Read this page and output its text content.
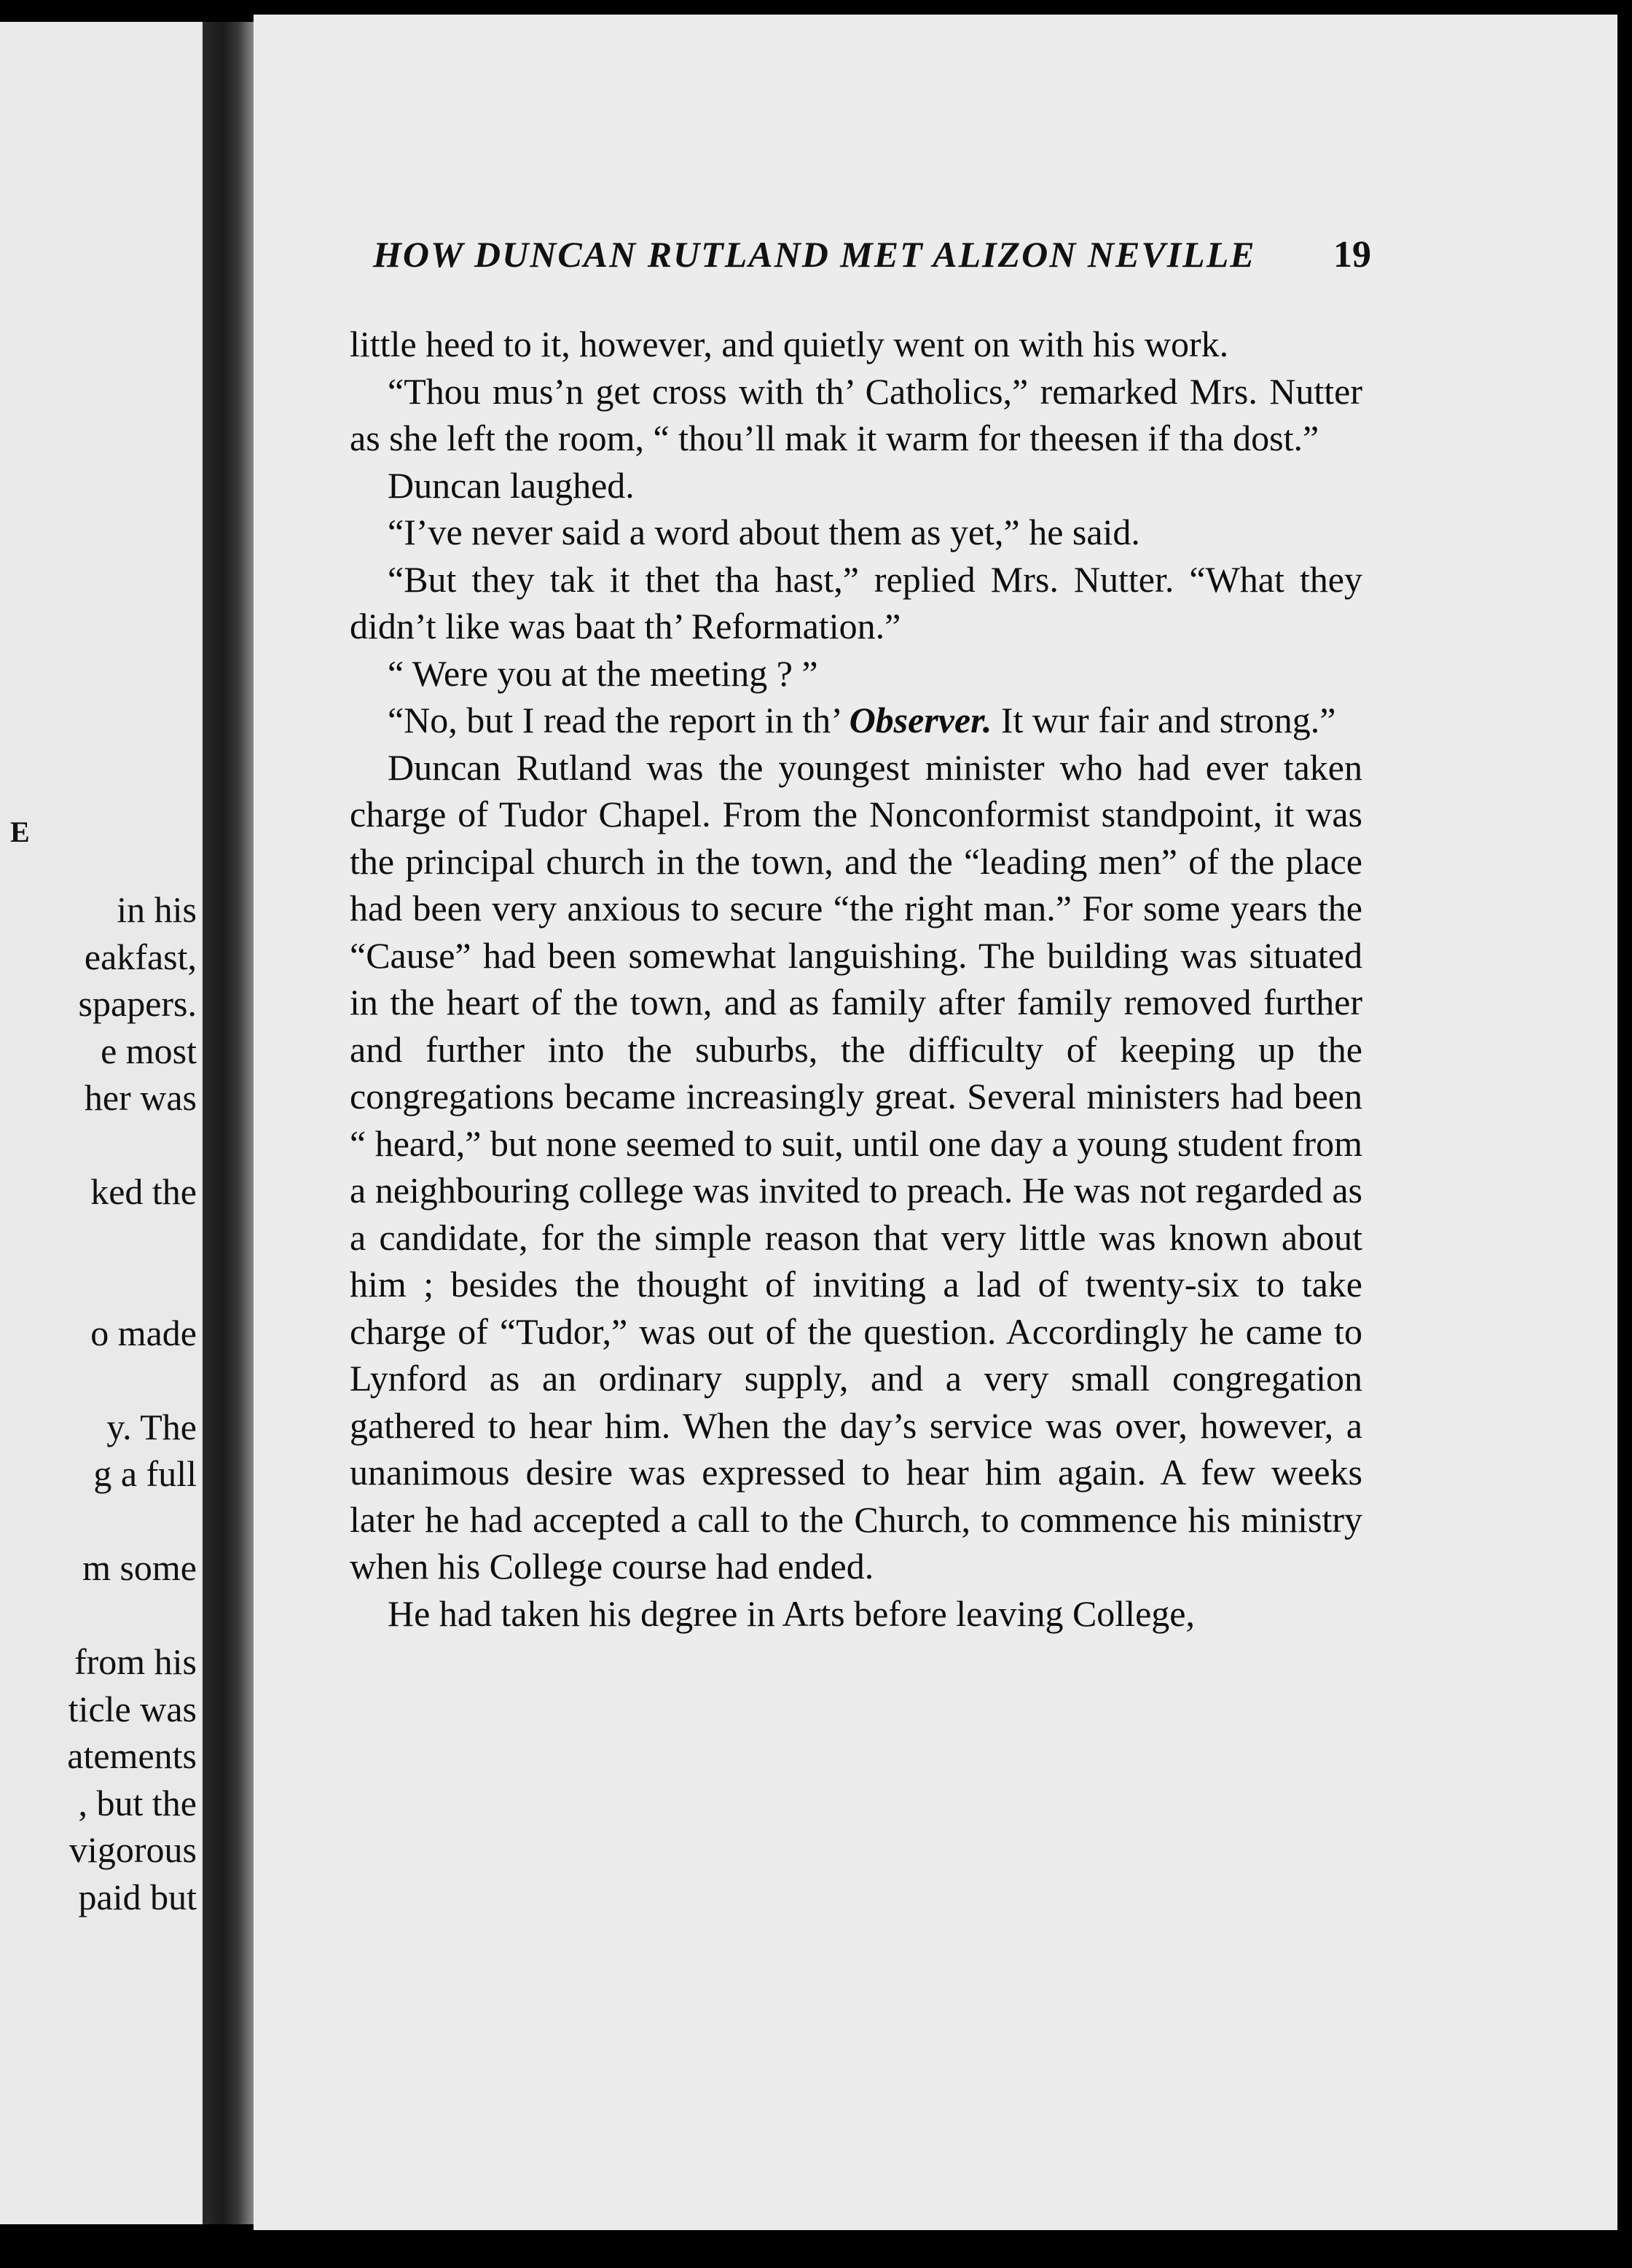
E
in his
eakfast,
spapers.
e most
her was
ked the
o made
y. The
g a full
m some
from his
ticle was
atements
, but the
vigorous
paid but
HOW DUNCAN RUTLAND MET ALIZON NEVILLE	19

little heed to it, however, and quietly went on with his work.

“Thou mus’n get cross with th’ Catholics,” remarked Mrs. Nutter as she left the room, “ thou’ll mak it warm for theesen if tha dost.”

Duncan laughed.

“I’ve never said a word about them as yet,” he said.

“But they tak it thet tha hast,” replied Mrs. Nutter. “What they didn’t like was baat th’ Reformation.”

“ Were you at the meeting ? ”

“No, but I read the report in th’ Observer. It wur fair and strong.”

Duncan Rutland was the youngest minister who had ever taken charge of Tudor Chapel. From the Nonconformist standpoint, it was the principal church in the town, and the “leading men” of the place had been very anxious to secure “the right man.” For some years the “Cause” had been somewhat languishing. The building was situated in the heart of the town, and as family after family removed further and further into the suburbs, the difficulty of keeping up the congregations became increasingly great. Several ministers had been “ heard,” but none seemed to suit, until one day a young student from a neighbouring college was invited to preach. He was not regarded as a candidate, for the simple reason that very little was known about him ; besides the thought of inviting a lad of twenty-six to take charge of “Tudor,” was out of the question. Accordingly he came to Lynford as an ordinary supply, and a very small congregation gathered to hear him. When the day’s service was over, however, a unanimous desire was expressed to hear him again. A few weeks later he had accepted a call to the Church, to commence his ministry when his College course had ended.

He had taken his degree in Arts before leaving College,
